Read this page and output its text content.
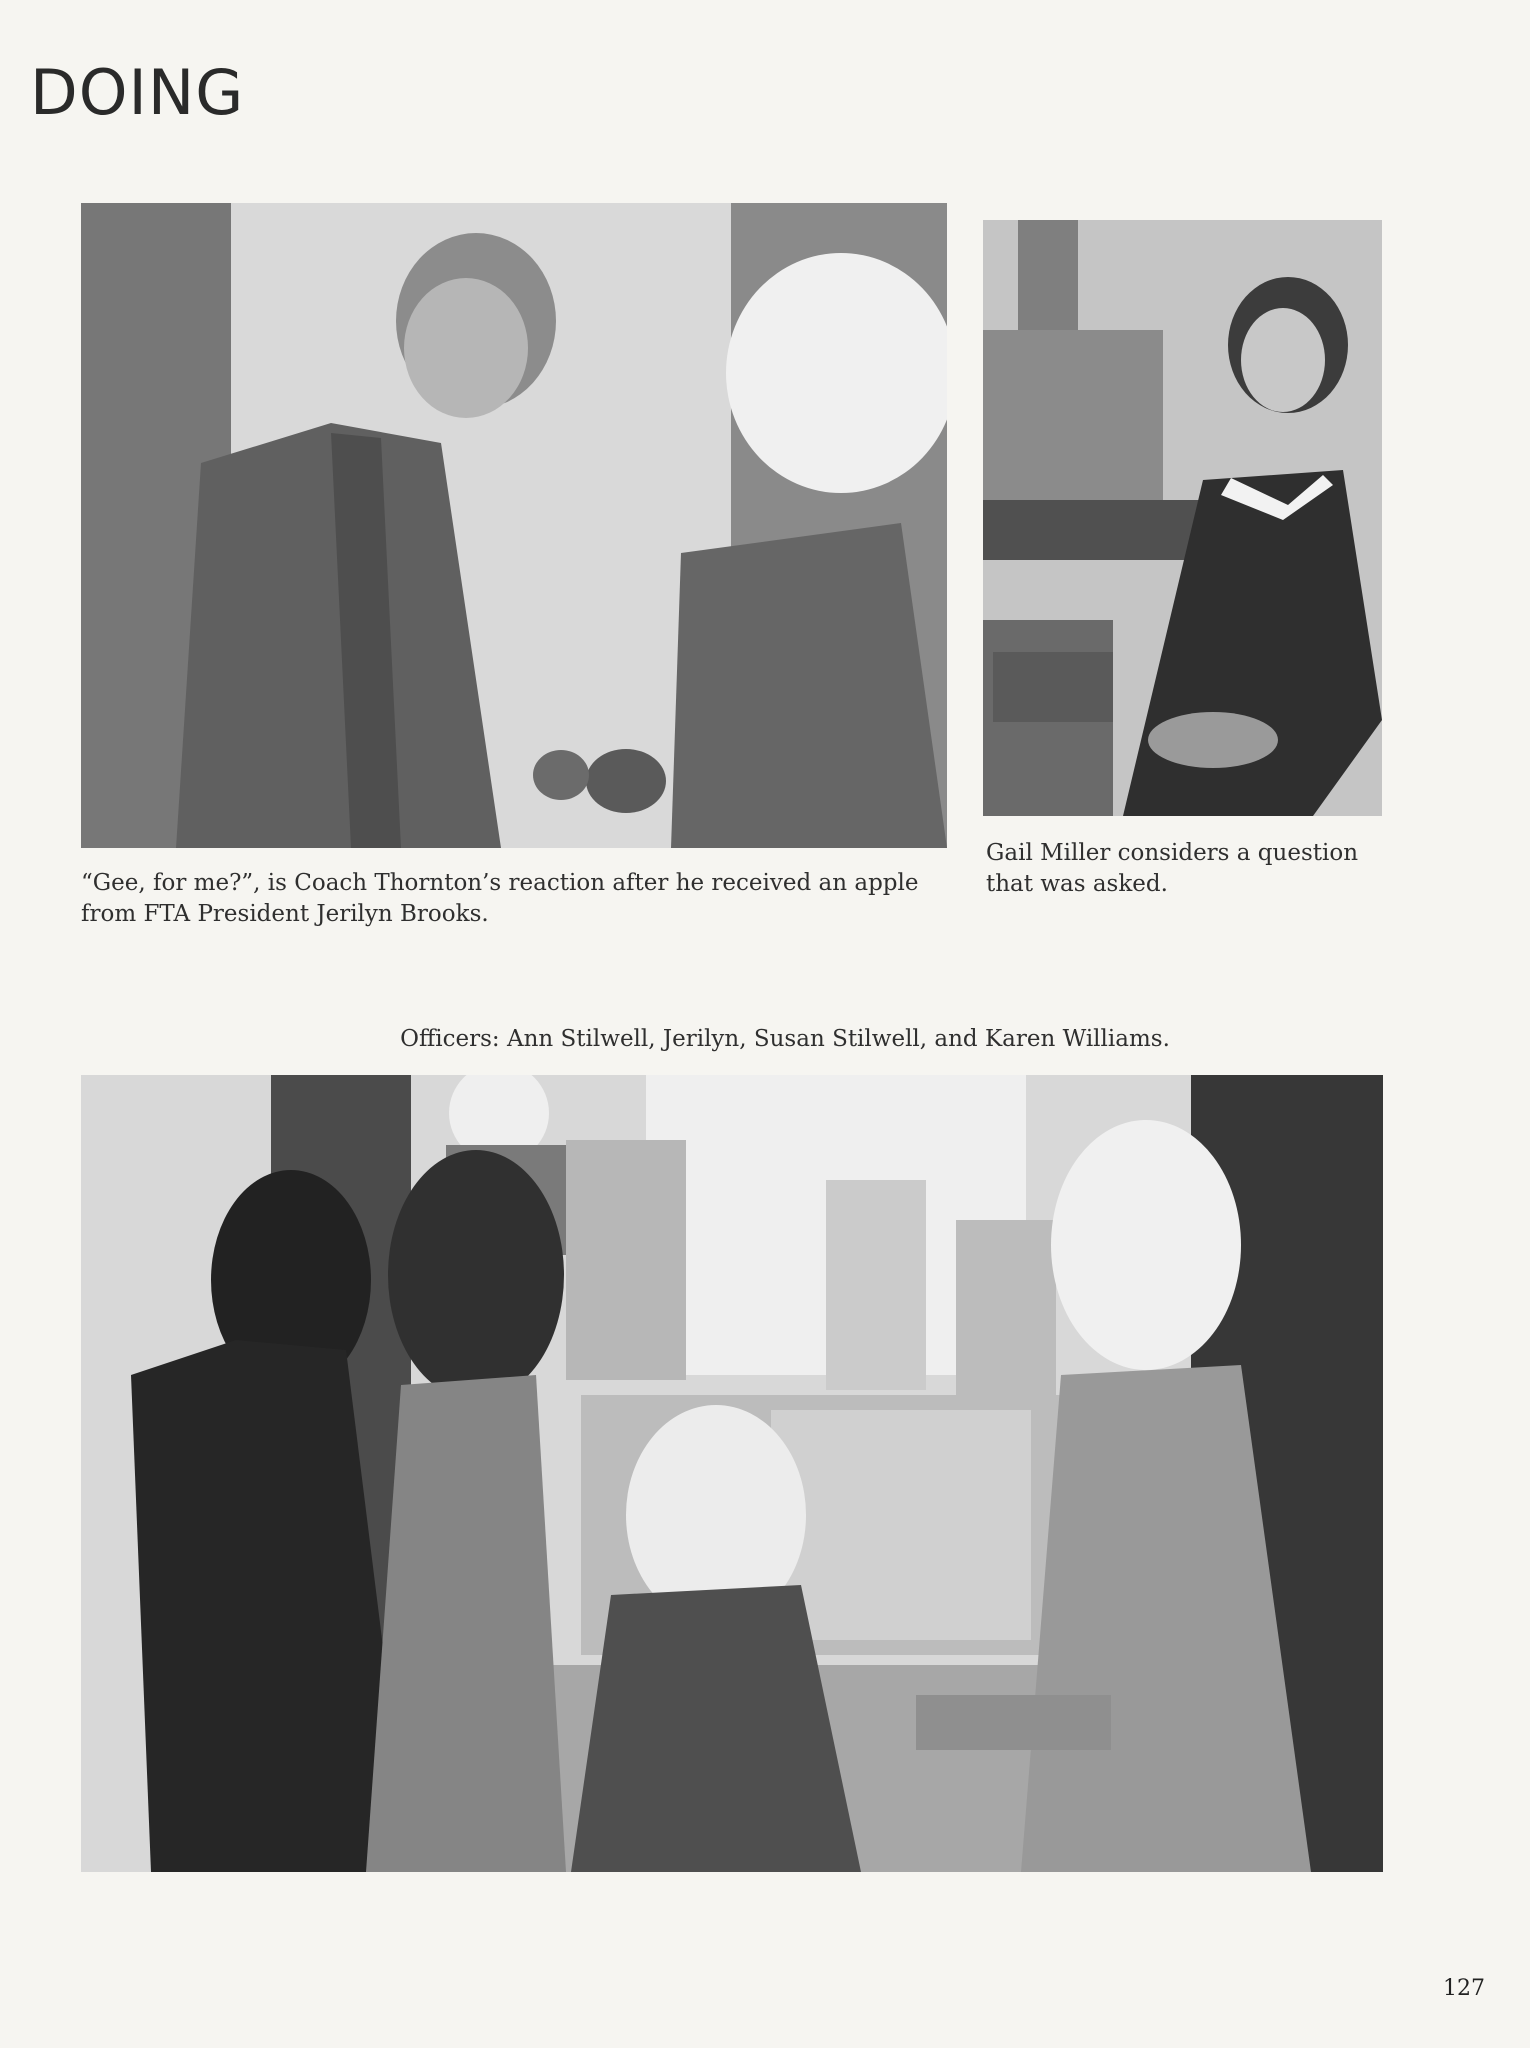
DOING
“Gee, for me?”, is Coach Thornton’s reaction after he received an apple from FTA President Jerilyn Brooks.
Gail Miller considers a question that was asked.
Officers: Ann Stilwell, Jerilyn, Susan Stilwell, and Karen Williams.
127
